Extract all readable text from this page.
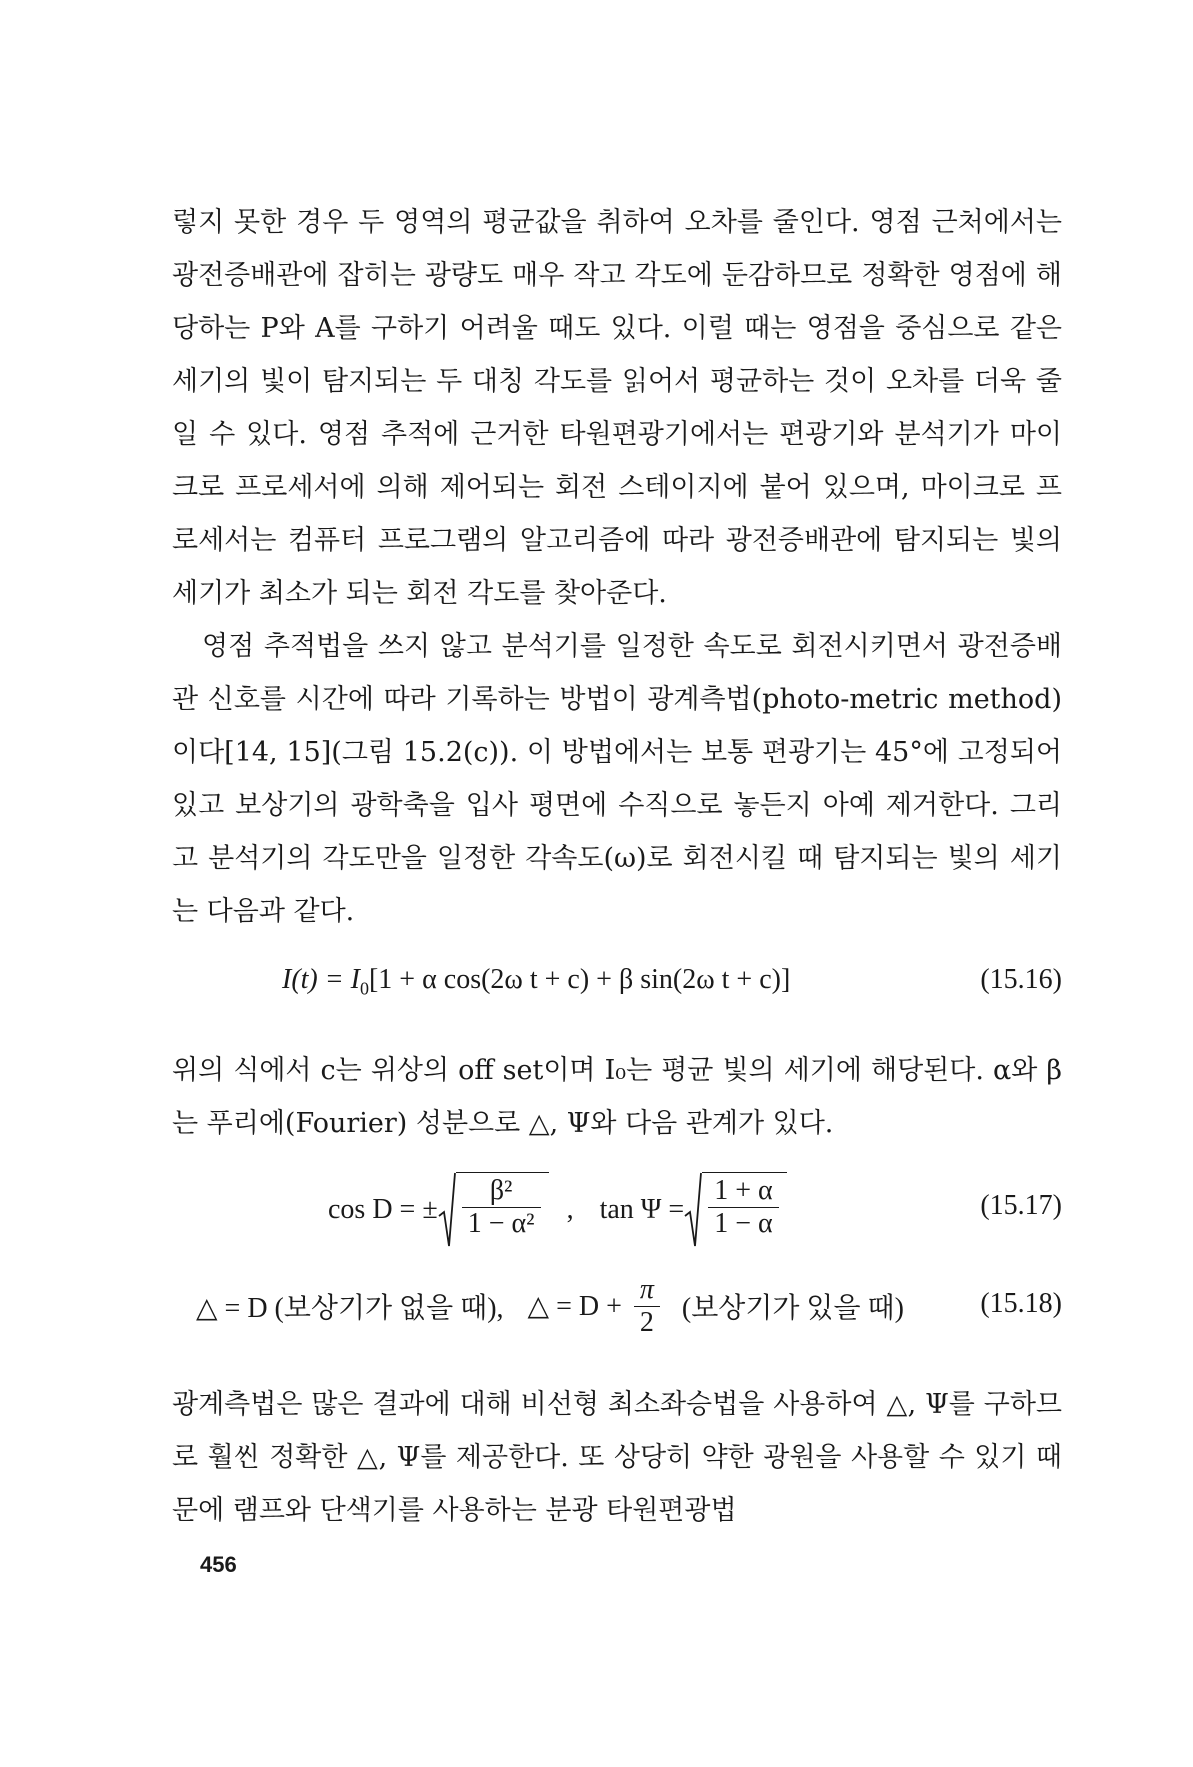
렇지 못한 경우 두 영역의 평균값을 취하여 오차를 줄인다. 영점 근처에서는 광전증배관에 잡히는 광량도 매우 작고 각도에 둔감하므로 정확한 영점에 해당하는 P와 A를 구하기 어려울 때도 있다. 이럴 때는 영점을 중심으로 같은 세기의 빛이 탐지되는 두 대칭 각도를 읽어서 평균하는 것이 오차를 더욱 줄일 수 있다. 영점 추적에 근거한 타원편광기에서는 편광기와 분석기가 마이크로 프로세서에 의해 제어되는 회전 스테이지에 붙어 있으며, 마이크로 프로세서는 컴퓨터 프로그램의 알고리즘에 따라 광전증배관에 탐지되는 빛의 세기가 최소가 되는 회전 각도를 찾아준다.

영점 추적법을 쓰지 않고 분석기를 일정한 속도로 회전시키면서 광전증배관 신호를 시간에 따라 기록하는 방법이 광계측법(photo-metric method)이다[14, 15](그림 15.2(c)). 이 방법에서는 보통 편광기는 45°에 고정되어 있고 보상기의 광학축을 입사 평면에 수직으로 놓든지 아예 제거한다. 그리고 분석기의 각도만을 일정한 각속도(ω)로 회전시킬 때 탐지되는 빛의 세기는 다음과 같다.

$I(t) = I_0[1 + \alpha$ cos(2ω t + c) + β sin(2ω t + c)]	(15.16)

위의 식에서 c는 위상의 off set이며 I₀는 평균 빛의 세기에 해당된다. α와 β는 푸리에(Fourier) 성분으로 △, Ψ와 다음 관계가 있다.

cos D = ± $\frac{\text{β²}}{\text{1 − α²}}$ , $\tan \Psi = \frac{1 + \alpha}{1 - \alpha}$	(15.17)
△ = D (보상기가 없을 때), △ = $D + \frac{\pi}{2}$ (보상기가 있을 때)	(15.18)

광계측법은 많은 결과에 대해 비선형 최소좌승법을 사용하여 △, Ψ를 구하므로 훨씬 정확한 △, Ψ를 제공한다. 또 상당히 약한 광원을 사용할 수 있기 때문에 램프와 단색기를 사용하는 분광 타원편광법

456
